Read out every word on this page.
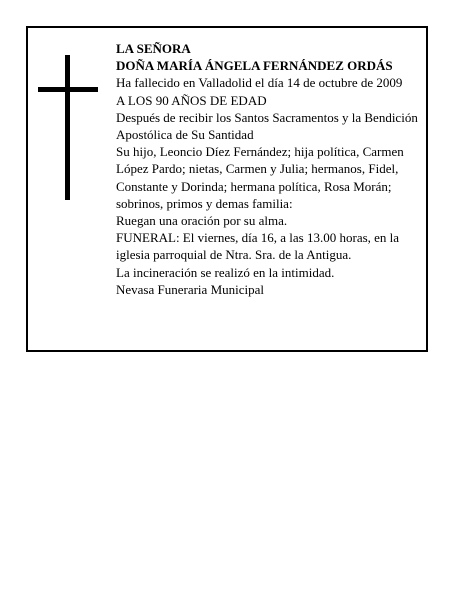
LA SEÑORA
DOÑA MARÍA ÁNGELA FERNÁNDEZ ORDÁS
Ha fallecido en Valladolid el día 14 de octubre de 2009
A LOS 90 AÑOS DE EDAD
Después de recibir los Santos Sacramentos y la Bendición Apostólica de Su Santidad
Su hijo, Leoncio Díez Fernández; hija política, Carmen López Pardo; nietas, Carmen y Julia; hermanos, Fidel, Constante y Dorinda; hermana política, Rosa Morán; sobrinos, primos y demas familia:
Ruegan una oración por su alma.
FUNERAL: El viernes, día 16, a las 13.00 horas, en la iglesia parroquial de Ntra. Sra. de la Antigua.
La incineración se realizó en la intimidad.
Nevasa Funeraria Municipal
